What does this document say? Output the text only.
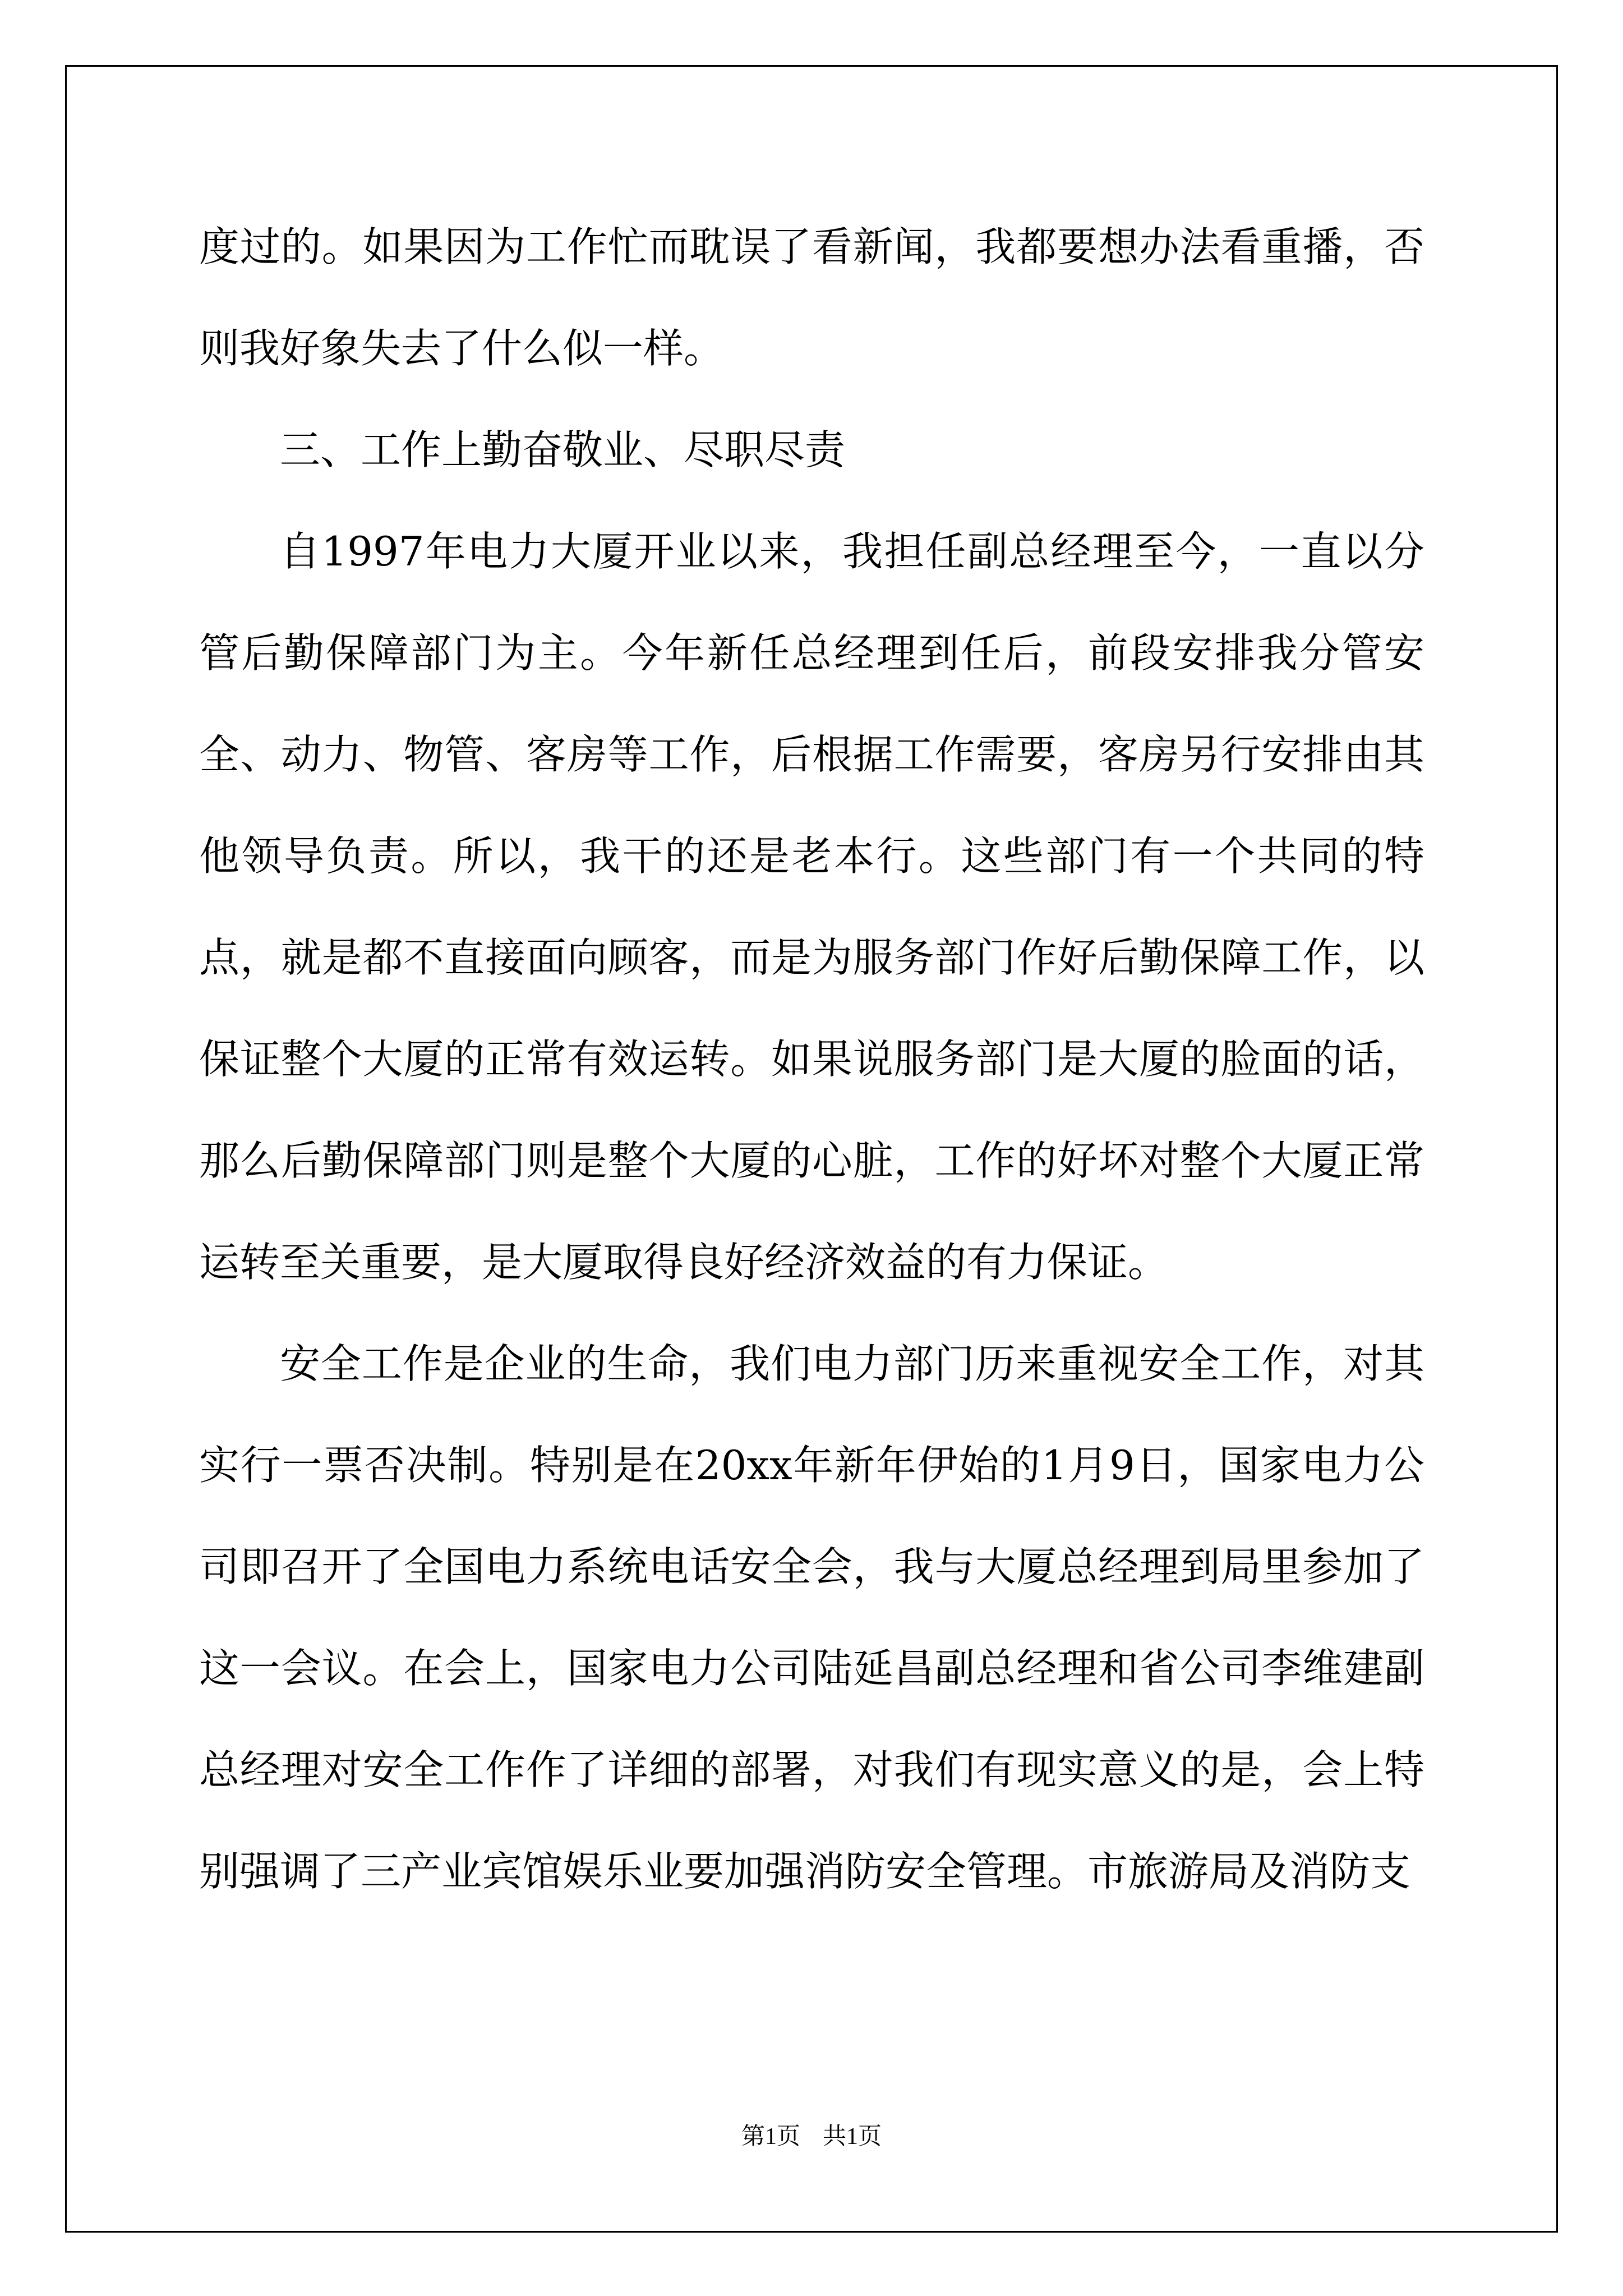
度过的。如果因为工作忙而耽误了看新闻，我都要想办法看重播，否则我好象失去了什么似一样。

三、工作上勤奋敬业、尽职尽责

自1997年电力大厦开业以来，我担任副总经理至今，一直以分管后勤保障部门为主。今年新任总经理到任后，前段安排我分管安全、动力、物管、客房等工作，后根据工作需要，客房另行安排由其他领导负责。所以，我干的还是老本行。这些部门有一个共同的特点，就是都不直接面向顾客，而是为服务部门作好后勤保障工作，以保证整个大厦的正常有效运转。如果说服务部门是大厦的脸面的话，那么后勤保障部门则是整个大厦的心脏，工作的好坏对整个大厦正常运转至关重要，是大厦取得良好经济效益的有力保证。

安全工作是企业的生命，我们电力部门历来重视安全工作，对其实行一票否决制。特别是在20xx年新年伊始的1月9日，国家电力公司即召开了全国电力系统电话安全会，我与大厦总经理到局里参加了这一会议。在会上，国家电力公司陆延昌副总经理和省公司李维建副总经理对安全工作作了详细的部署，对我们有现实意义的是，会上特别强调了三产业宾馆娱乐业要加强消防安全管理。市旅游局及消防支

第1页 共1页
